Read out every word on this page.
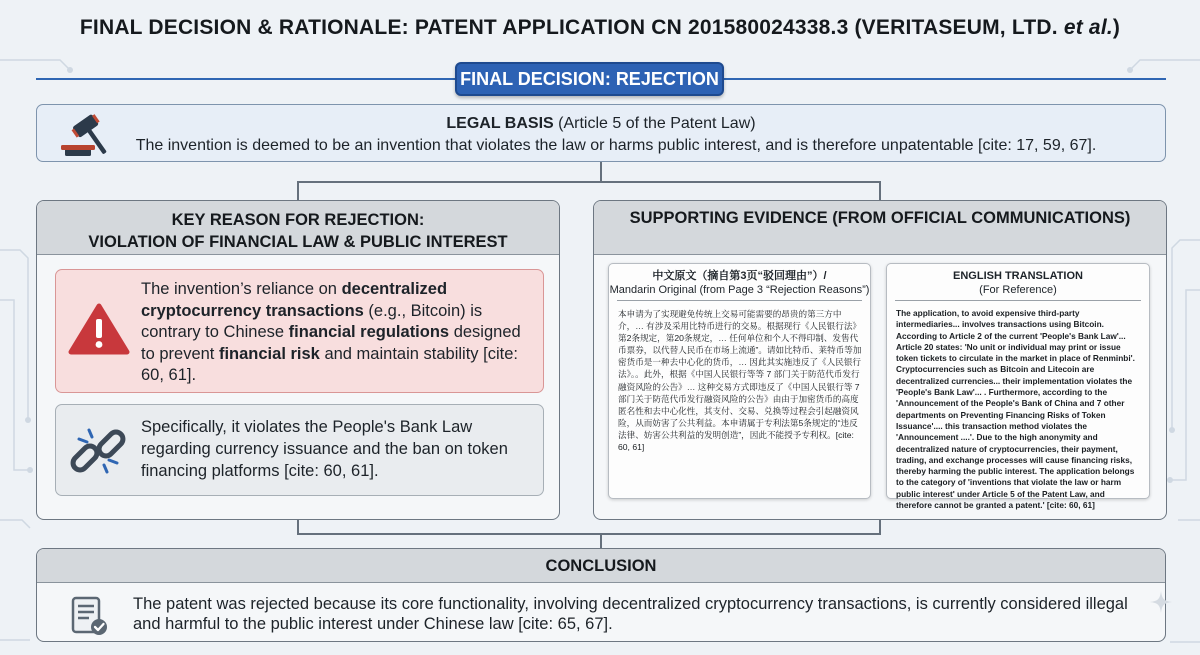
FINAL DECISION & RATIONALE: PATENT APPLICATION CN 201580024338.3 (VERITASEUM, LTD. et al.)
FINAL DECISION: REJECTION
LEGAL BASIS (Article 5 of the Patent Law)
The invention is deemed to be an invention that violates the law or harms public interest, and is therefore unpatentable [cite: 17, 59, 67].
KEY REASON FOR REJECTION:
VIOLATION OF FINANCIAL LAW & PUBLIC INTEREST
The invention’s reliance on decentralized cryptocurrency transactions (e.g., Bitcoin) is contrary to Chinese financial regulations designed to prevent financial risk and maintain stability [cite: 60, 61].
Specifically, it violates the People's Bank Law regarding currency issuance and the ban on token financing platforms [cite: 60, 61].
SUPPORTING EVIDENCE (FROM OFFICIAL COMMUNICATIONS)
中文原文（摘自第3页“驳回理由”）/
Mandarin Original (from Page 3 “Rejection Reasons”)
本申请为了实现避免传统上交易可能需要的昂贵的第三方中介，… 有涉及采用比特币进行的交易。根据现行《人民银行法》第2条规定，第20条规定，… 任何单位和个人不得印制、发售代币票券，以代替人民币在市场上流通”。请如比特币、莱特币等加密货币是一种去中心化的货币，… 因此其实施违反了《人民银行法》。。此外，根据《中国人民银行等等 7 部门关于防范代币发行融资风险的公告》… 这种交易方式即违反了《中国人民银行等 7 部门关于防范代币发行融资风险的公告》由由于加密货币的高度匿名性和去中心化性，其支付、交易、兑换等过程会引起融资风险，从而妨害了公共利益。本申请属于专利法第5条规定的“违反法律、妨害公共利益的发明创造”，因此不能授予专利权。[cite: 60, 61]
ENGLISH TRANSLATION
(For Reference)
The application, to avoid expensive third-party intermediaries... involves transactions using Bitcoin. According to Article 2 of the current 'People's Bank Law'... Article 20 states: 'No unit or individual may print or issue token tickets to circulate in the market in place of Renminbi'. Cryptocurrencies such as Bitcoin and Litecoin are decentralized currencies... their implementation violates the 'People's Bank Law'... . Furthermore, according to the 'Announcement of the People's Bank of China and 7 other departments on Preventing Financing Risks of Token Issuance'.... this transaction method violates the 'Announcement ....'. Due to the high anonymity and decentralized nature of cryptocurrencies, their payment, trading, and exchange processes will cause financing risks, thereby harming the public interest. The application belongs to the category of 'inventions that violate the law or harm public interest' under Article 5 of the Patent Law, and therefore cannot be granted a patent.' [cite: 60, 61]
CONCLUSION
The patent was rejected because its core functionality, involving decentralized cryptocurrency transactions, is currently considered illegal and harmful to the public interest under Chinese law [cite: 65, 67].
